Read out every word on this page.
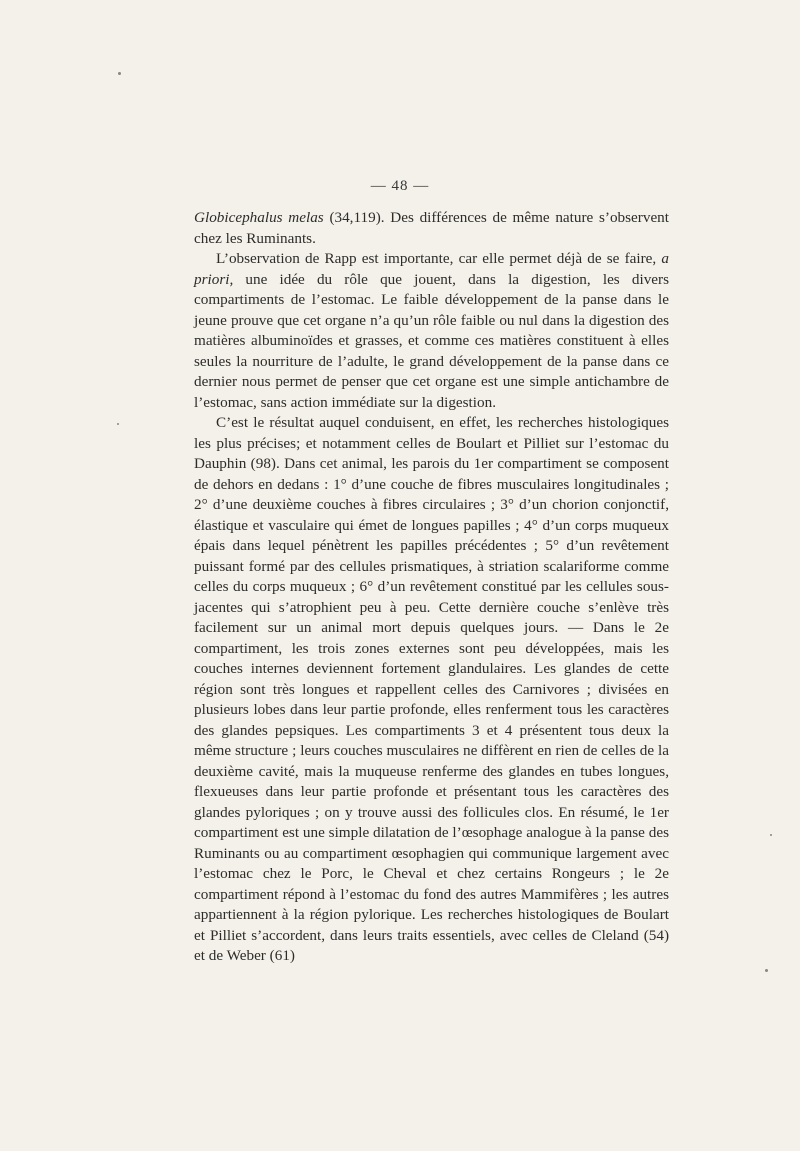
— 48 —

Globicephalus melas (34,119). Des différences de même nature s’observent chez les Ruminants.

L’observation de Rapp est importante, car elle permet déjà de se faire, a priori, une idée du rôle que jouent, dans la digestion, les divers compartiments de l’estomac. Le faible développement de la panse dans le jeune prouve que cet organe n’a qu’un rôle faible ou nul dans la digestion des matières albuminoïdes et grasses, et comme ces matières constituent à elles seules la nourriture de l’adulte, le grand développement de la panse dans ce dernier nous permet de penser que cet organe est une simple antichambre de l’estomac, sans action immédiate sur la digestion.

C’est le résultat auquel conduisent, en effet, les recherches histologiques les plus précises; et notamment celles de Boulart et Pilliet sur l’estomac du Dauphin (98). Dans cet animal, les parois du 1er compartiment se composent de dehors en dedans : 1° d’une couche de fibres musculaires longitudinales ; 2° d’une deuxième couches à fibres circulaires ; 3° d’un chorion conjonctif, élastique et vasculaire qui émet de longues papilles ; 4° d’un corps muqueux épais dans lequel pénètrent les papilles précédentes ; 5° d’un revêtement puissant formé par des cellules prismatiques, à striation scalariforme comme celles du corps muqueux ; 6° d’un revêtement constitué par les cellules sous-jacentes qui s’atrophient peu à peu. Cette dernière couche s’enlève très facilement sur un animal mort depuis quelques jours. — Dans le 2e compartiment, les trois zones externes sont peu développées, mais les couches internes deviennent fortement glandulaires. Les glandes de cette région sont très longues et rappellent celles des Carnivores ; divisées en plusieurs lobes dans leur partie profonde, elles renferment tous les caractères des glandes pepsiques. Les compartiments 3 et 4 présentent tous deux la même structure ; leurs couches musculaires ne diffèrent en rien de celles de la deuxième cavité, mais la muqueuse renferme des glandes en tubes longues, flexueuses dans leur partie profonde et présentant tous les caractères des glandes pyloriques ; on y trouve aussi des follicules clos. En résumé, le 1er compartiment est une simple dilatation de l’œsophage analogue à la panse des Ruminants ou au compartiment œsophagien qui communique largement avec l’estomac chez le Porc, le Cheval et chez certains Rongeurs ; le 2e compartiment répond à l’estomac du fond des autres Mammifères ; les autres appartiennent à la région pylorique. Les recherches histologiques de Boulart et Pilliet s’accordent, dans leurs traits essentiels, avec celles de Cleland (54) et de Weber (61)
